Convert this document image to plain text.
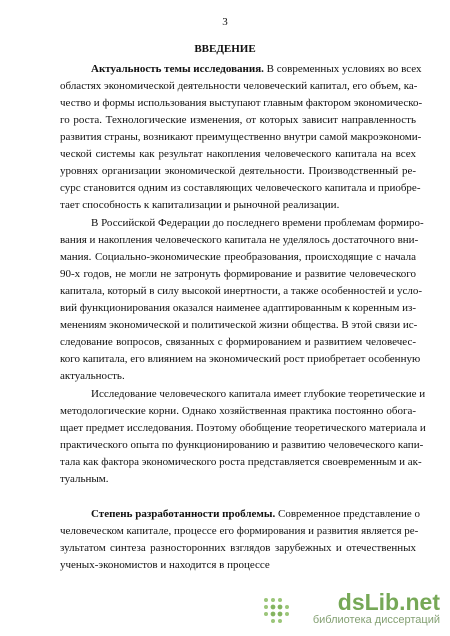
3
ВВЕДЕНИЕ
Актуальность темы исследования. В современных условиях во всех
областях экономической деятельности человеческий капитал, его объем, ка-
чество и формы использования выступают главным фактором экономическо-
го роста. Технологические изменения, от которых зависит направленность
развития страны, возникают преимущественно внутри самой макроэкономи-
ческой системы как результат накопления человеческого капитала на всех
уровнях организации экономической деятельности. Производственный ре-
сурс становится одним из составляющих человеческого капитала и приобре-
тает способность к капитализации и рыночной реализации.
В Российской Федерации до последнего времени проблемам формиро-
вания и накопления человеческого капитала не уделялось достаточного вни-
мания. Социально-экономические преобразования, происходящие с начала
90-х годов, не могли не затронуть формирование и развитие человеческого
капитала, который в силу высокой инертности, а также особенностей и усло-
вий функционирования оказался наименее адаптированным к коренным из-
менениям экономической и политической жизни общества. В этой связи ис-
следование вопросов, связанных с формированием и развитием человечес-
кого капитала, его влиянием на экономический рост приобретает особенную
актуальность.
Исследование человеческого капитала имеет глубокие теоретические и
методологические корни. Однако хозяйственная практика постоянно обога-
щает предмет исследования. Поэтому обобщение теоретического материала и
практического опыта по функционированию и развитию человеческого капи-
тала как фактора экономического роста представляется своевременным и ак-
туальным.
Степень разработанности проблемы. Современное представление о
человеческом капитале, процессе его формирования и развития является ре-
зультатом синтеза разносторонних взглядов зарубежных и отечественных
ученых-экономистов и находится в процессе
dsLib.net
библиотека диссертаций
